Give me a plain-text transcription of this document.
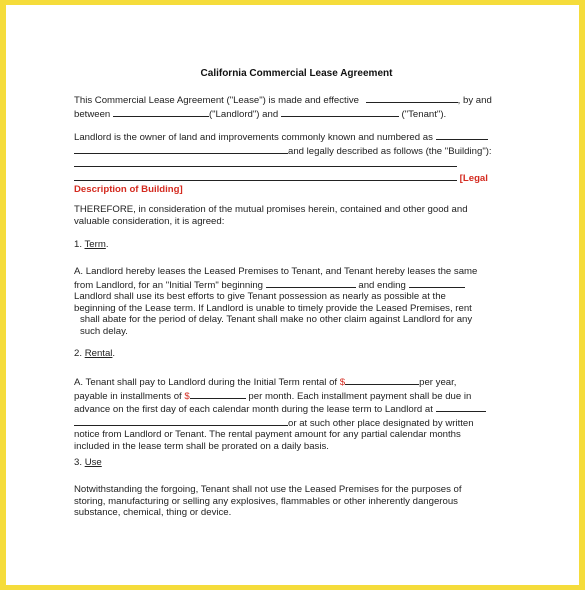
California Commercial Lease Agreement
This Commercial Lease Agreement ("Lease") is made and effective	, by and
between	("Landlord") and	("Tenant").
Landlord is the owner of land and improvements commonly known and numbered as
and legally described as follows (the "Building"):
[Legal
Description of Building]
THEREFORE, in consideration of the mutual promises herein, contained and other good and
valuable consideration, it is agreed:
1. Term.
A. Landlord hereby leases the Leased Premises to Tenant, and Tenant hereby leases the same
from Landlord, for an "Initial Term" beginning	and ending
Landlord shall use its best efforts to give Tenant possession as nearly as possible at the
beginning of the Lease term. If Landlord is unable to timely provide the Leased Premises, rent
shall abate for the period of delay. Tenant shall make no other claim against Landlord for any
such delay.
2. Rental.
A. Tenant shall pay to Landlord during the Initial Term rental of $	per year,
payable in installments of $	per month. Each installment payment shall be due in
advance on the first day of each calendar month during the lease term to Landlord at
or at such other place designated by written
notice from Landlord or Tenant. The rental payment amount for any partial calendar months
included in the lease term shall be prorated on a daily basis.
3. Use
Notwithstanding the forgoing, Tenant shall not use the Leased Premises for the purposes of
storing, manufacturing or selling any explosives, flammables or other inherently dangerous
substance, chemical, thing or device.
